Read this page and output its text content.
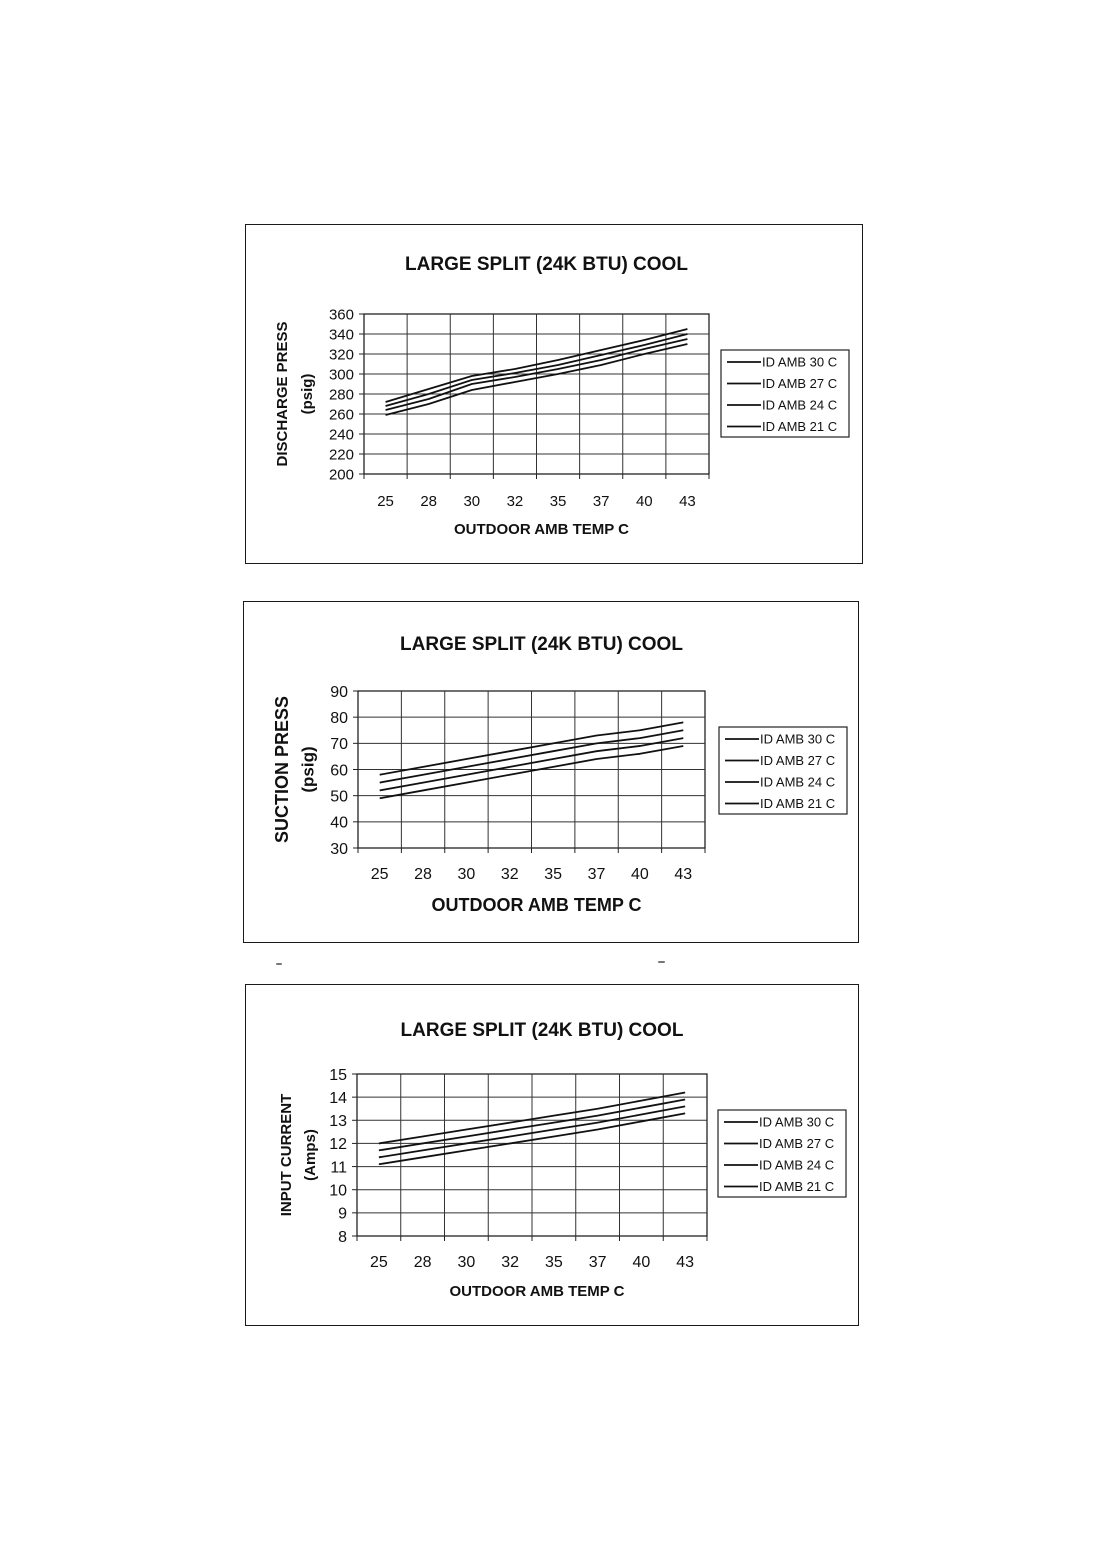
LARGE SPLIT (24K BTU) COOL
200
220
240
260
280
300
320
340
360
25 28 30 32 35 37 40 43
OUTDOOR AMB TEMP C
DISCHARGE PRESS (psig)
ID AMB 30 C
ID AMB 27 C
ID AMB 24 C
ID AMB 21 C
LARGE SPLIT (24K BTU) COOL
30
40
50
60
70
80
90
25 28 30 32 35 37 40 43
OUTDOOR AMB TEMP C
SUCTION PRESS (psig)
ID AMB 30 C
ID AMB 27 C
ID AMB 24 C
ID AMB 21 C
LARGE SPLIT (24K BTU) COOL
8
9
10
11
12
13
14
15
25 28 30 32 35 37 40 43
OUTDOOR AMB TEMP C
INPUT CURRENT (Amps)
ID AMB 30 C
ID AMB 27 C
ID AMB 24 C
ID AMB 21 C
